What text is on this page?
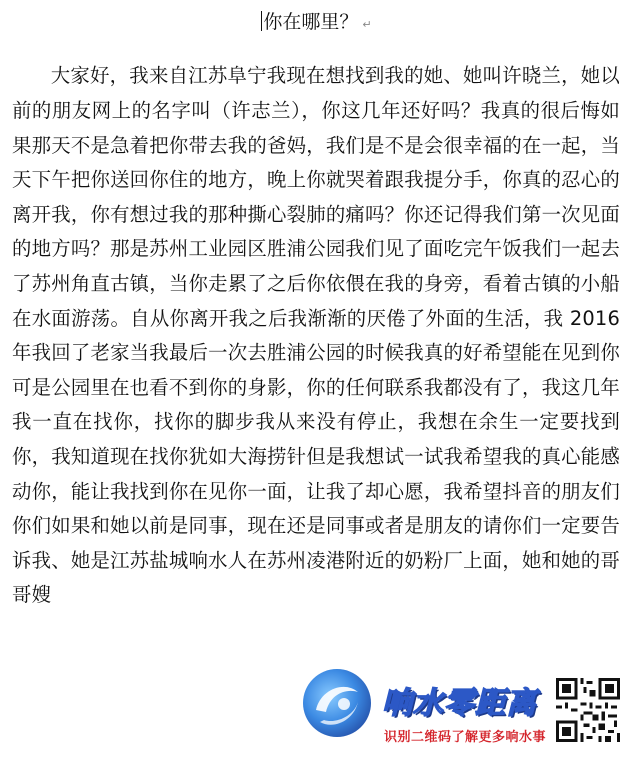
你在哪里？ ↵

大家好，我来自江苏阜宁我现在想找到我的她、她叫许晓兰，她以前的朋友网上的名字叫（许志兰），你这几年还好吗？我真的很后悔如果那天不是急着把你带去我的爸妈，我们是不是会很幸福的在一起，当天下午把你送回你住的地方，晚上你就哭着跟我提分手，你真的忍心的离开我，你有想过我的那种撕心裂肺的痛吗？你还记得我们第一次见面的地方吗？那是苏州工业园区胜浦公园我们见了面吃完午饭我们一起去了苏州角直古镇，当你走累了之后你依偎在我的身旁，看着古镇的小船在水面游荡。自从你离开我之后我渐渐的厌倦了外面的生活，我 2016 年我回了老家当我最后一次去胜浦公园的时候我真的好希望能在见到你可是公园里在也看不到你的身影，你的任何联系我都没有了，我这几年我一直在找你，找你的脚步我从来没有停止，我想在余生一定要找到你，我知道现在找你犹如大海捞针但是我想试一试我希望我的真心能感动你，能让我找到你在见你一面，让我了却心愿，我希望抖音的朋友们你们如果和她以前是同事，现在还是同事或者是朋友的请你们一定要告诉我、她是江苏盐城响水人在苏州凌港附近的奶粉厂上面，她和她的哥哥嫂

响水零距离
识别二维码了解更多响水事
